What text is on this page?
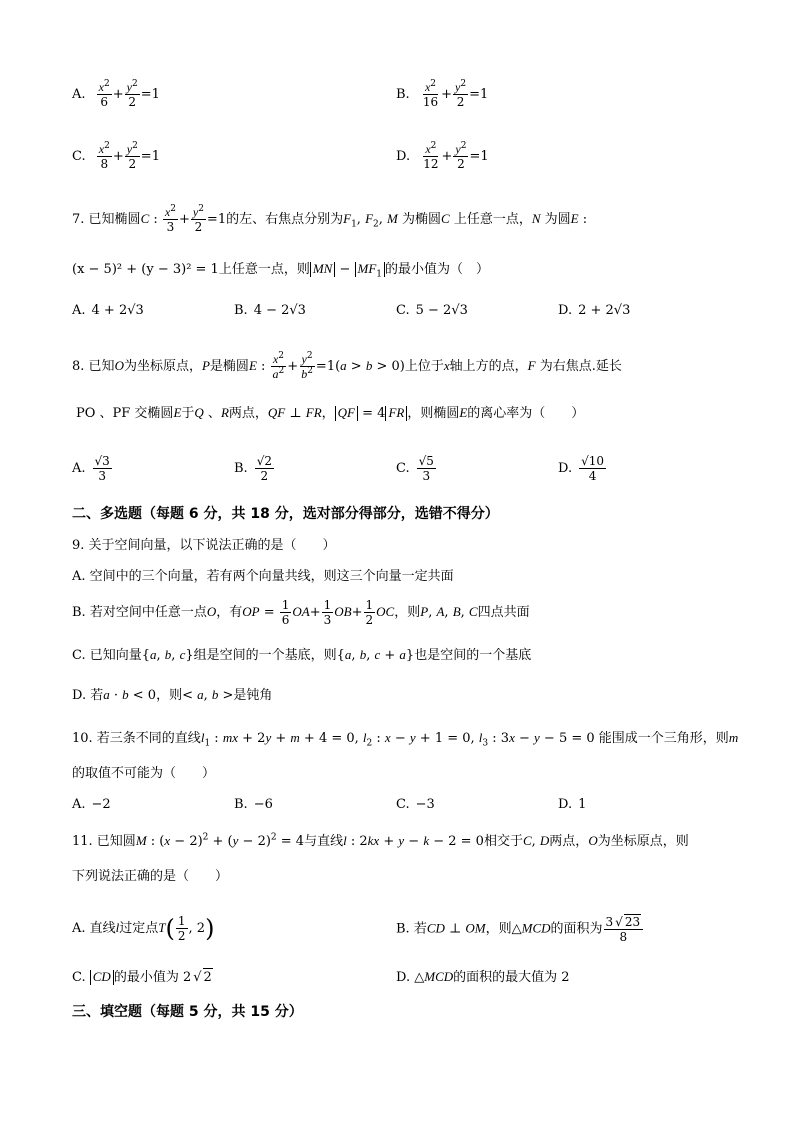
A. $\frac{x^2}{6} + \frac{y^2}{2} =1$	B. $\frac{x^2}{16} + \frac{y^2}{2} =1$
C. $\frac{x^2}{8} + \frac{y^2}{2} =1$	D. $\frac{x^2}{12} + \frac{y^2}{2} =1$
7. 已知椭圆C : $\frac{x^2}{3} + \frac{y^2}{2} =1$的左、右焦点分别为$F_1$, $F_2$, M 为椭圆C 上任意一点，N 为圆E :
(x − 5)² + (y − 3)² = 1上任意一点，则 MN − $MF_1$ 的最小值为（　）
A. 4 + 2√3	B. 4 − 2√3	C. 5 − 2√3	D. 2 + 2√3
8. 已知O为坐标原点，P是椭圆E : $\frac{x^2}{a^2} + \frac{y^2}{b^2} =1(a > b > 0)$上位于x轴上方的点，F 为右焦点.延长
PO 、PF 交椭圆E于Q 、R两点，QF ⊥ FR， QF = 4 FR ，则椭圆E的离心率为（　　）
A. $\frac{√3}{3}$	B. $\frac{√2}{2}$	C. $\frac{√5}{3}$	D. $\frac{√10}{4}$
二、多选题（每题 6 分，共 18 分，选对部分得部分，选错不得分）
9. 关于空间向量，以下说法正确的是（　　）
A. 空间中的三个向量，若有两个向量共线，则这三个向量一定共面
B. 若对空间中任意一点O，有OP = $\frac{1}{6} OA+ \frac{1}{3} OB+ \frac{1}{2}$ OC，则P, A, B, C四点共面
C. 已知向量{a, b, c}组是空间的一个基底，则{a, b, c + a}也是空间的一个基底
D. 若a · b < 0，则< a, b >是钝角
10. 若三条不同的直线$l_1$ : mx + 2y + m + 4 = 0, $l_2$ : x − y + 1 = 0, $l_3$ : 3x − y − 5 = 0 能围成一个三角形，则m
的取值不可能为（　　）
A. −2	B. −6	C. −3	D. 1
11. 已知圆M : $(x - 2)^2 + (y - 2)^2 = 4$与直线l : 2kx + y − k − 2 = 0相交于C, D两点，O为坐标原点，则
下列说法正确的是（　　）
A. 直线l过定点$T( \frac{1}{2}$ , 2)	B. 若CD ⊥ OM，则△MCD的面积为 $\frac{3 √ 23}{8}$
C. CD 的最小值为 2 √ 2	D. △MCD的面积的最大值为 2
三、填空题（每题 5 分，共 15 分）
